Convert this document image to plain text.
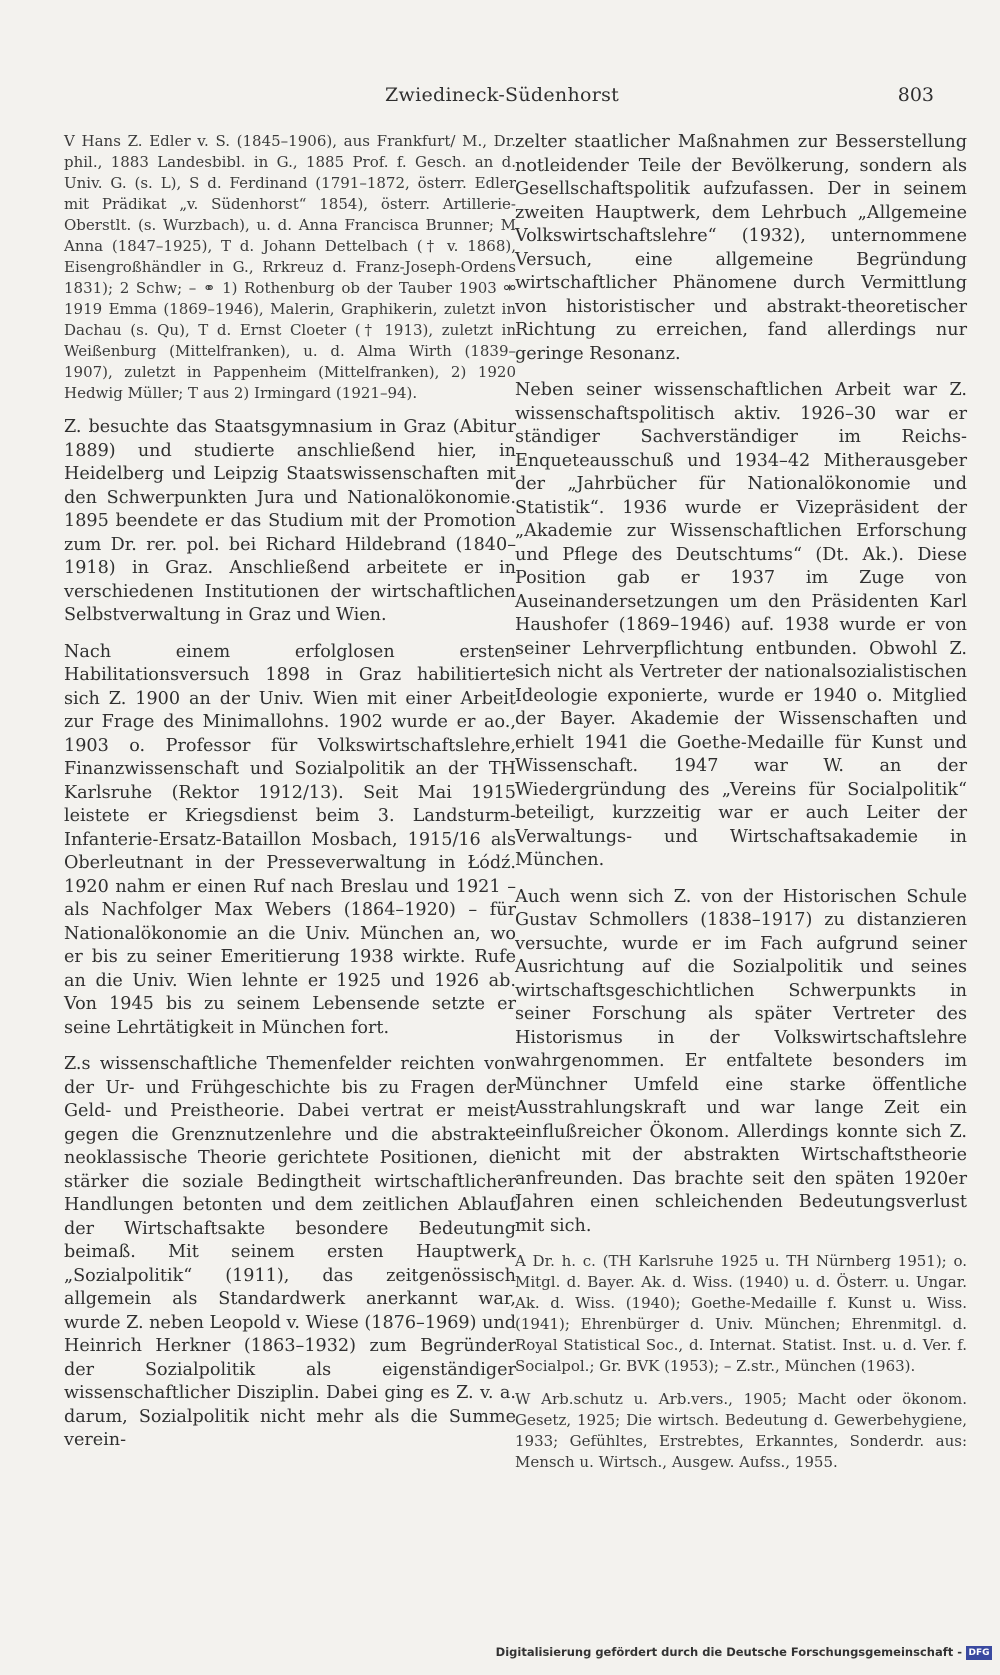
Zwiedineck-Südenhorst	803

V Hans Z. Edler v. S. (1845–1906), aus Frankfurt/ M., Dr. phil., 1883 Landesbibl. in G., 1885 Prof. f. Gesch. an d. Univ. G. (s. L), S d. Ferdinand (1791–1872, österr. Edler mit Prädikat „v. Südenhorst“ 1854), österr. Artillerie-Oberstlt. (s. Wurzbach), u. d. Anna Francisca Brunner; M Anna (1847–1925), T d. Johann Dettelbach († v. 1868), Eisengroßhändler in G., Rrkreuz d. Franz-Joseph-Ordens 1831); 2 Schw; – ⚭ 1) Rothenburg ob der Tauber 1903 ⚮ 1919 Emma (1869–1946), Malerin, Graphikerin, zuletzt in Dachau (s. Qu), T d. Ernst Cloeter († 1913), zuletzt in Weißenburg (Mittelfranken), u. d. Alma Wirth (1839–1907), zuletzt in Pappenheim (Mittelfranken), 2) 1920 Hedwig Müller; T aus 2) Irmingard (1921–94).

Z. besuchte das Staatsgymnasium in Graz (Abitur 1889) und studierte anschließend hier, in Heidelberg und Leipzig Staatswissenschaften mit den Schwerpunkten Jura und Nationalökonomie. 1895 beendete er das Studium mit der Promotion zum Dr. rer. pol. bei Richard Hildebrand (1840–1918) in Graz. Anschließend arbeitete er in verschiedenen Institutionen der wirtschaftlichen Selbstverwaltung in Graz und Wien.

Nach einem erfolglosen ersten Habilitationsversuch 1898 in Graz habilitierte sich Z. 1900 an der Univ. Wien mit einer Arbeit zur Frage des Minimallohns. 1902 wurde er ao., 1903 o. Professor für Volkswirtschaftslehre, Finanzwissenschaft und Sozialpolitik an der TH Karlsruhe (Rektor 1912/13). Seit Mai 1915 leistete er Kriegsdienst beim 3. Landsturm-Infanterie-Ersatz-Bataillon Mosbach, 1915/16 als Oberleutnant in der Presseverwaltung in Łódź. 1920 nahm er einen Ruf nach Breslau und 1921 – als Nachfolger Max Webers (1864–1920) – für Nationalökonomie an die Univ. München an, wo er bis zu seiner Emeritierung 1938 wirkte. Rufe an die Univ. Wien lehnte er 1925 und 1926 ab. Von 1945 bis zu seinem Lebensende setzte er seine Lehrtätigkeit in München fort.

Z.s wissenschaftliche Themenfelder reichten von der Ur- und Frühgeschichte bis zu Fragen der Geld- und Preistheorie. Dabei vertrat er meist gegen die Grenznutzenlehre und die abstrakte neoklassische Theorie gerichtete Positionen, die stärker die soziale Bedingtheit wirtschaftlicher Handlungen betonten und dem zeitlichen Ablauf der Wirtschaftsakte besondere Bedeutung beimaß. Mit seinem ersten Hauptwerk „Sozialpolitik“ (1911), das zeitgenössisch allgemein als Standardwerk anerkannt war, wurde Z. neben Leopold v. Wiese (1876–1969) und Heinrich Herkner (1863–1932) zum Begründer der Sozialpolitik als eigenständiger wissenschaftlicher Disziplin. Dabei ging es Z. v. a. darum, Sozialpolitik nicht mehr als die Summe verein-

zelter staatlicher Maßnahmen zur Besserstellung notleidender Teile der Bevölkerung, sondern als Gesellschaftspolitik aufzufassen. Der in seinem zweiten Hauptwerk, dem Lehrbuch „Allgemeine Volkswirtschaftslehre“ (1932), unternommene Versuch, eine allgemeine Begründung wirtschaftlicher Phänomene durch Vermittlung von historistischer und abstrakt-theoretischer Richtung zu erreichen, fand allerdings nur geringe Resonanz.

Neben seiner wissenschaftlichen Arbeit war Z. wissenschaftspolitisch aktiv. 1926–30 war er ständiger Sachverständiger im Reichs-Enqueteausschuß und 1934–42 Mitherausgeber der „Jahrbücher für Nationalökonomie und Statistik“. 1936 wurde er Vizepräsident der „Akademie zur Wissenschaftlichen Erforschung und Pflege des Deutschtums“ (Dt. Ak.). Diese Position gab er 1937 im Zuge von Auseinandersetzungen um den Präsidenten Karl Haushofer (1869–1946) auf. 1938 wurde er von seiner Lehrverpflichtung entbunden. Obwohl Z. sich nicht als Vertreter der nationalsozialistischen Ideologie exponierte, wurde er 1940 o. Mitglied der Bayer. Akademie der Wissenschaften und erhielt 1941 die Goethe-Medaille für Kunst und Wissenschaft. 1947 war W. an der Wiedergründung des „Vereins für Socialpolitik“ beteiligt, kurzzeitig war er auch Leiter der Verwaltungs- und Wirtschaftsakademie in München.

Auch wenn sich Z. von der Historischen Schule Gustav Schmollers (1838–1917) zu distanzieren versuchte, wurde er im Fach aufgrund seiner Ausrichtung auf die Sozialpolitik und seines wirtschaftsgeschichtlichen Schwerpunkts in seiner Forschung als später Vertreter des Historismus in der Volkswirtschaftslehre wahrgenommen. Er entfaltete besonders im Münchner Umfeld eine starke öffentliche Ausstrahlungskraft und war lange Zeit ein einflußreicher Ökonom. Allerdings konnte sich Z. nicht mit der abstrakten Wirtschaftstheorie anfreunden. Das brachte seit den späten 1920er Jahren einen schleichenden Bedeutungsverlust mit sich.

A Dr. h. c. (TH Karlsruhe 1925 u. TH Nürnberg 1951); o. Mitgl. d. Bayer. Ak. d. Wiss. (1940) u. d. Österr. u. Ungar. Ak. d. Wiss. (1940); Goethe-Medaille f. Kunst u. Wiss. (1941); Ehrenbürger d. Univ. München; Ehrenmitgl. d. Royal Statistical Soc., d. Internat. Statist. Inst. u. d. Ver. f. Socialpol.; Gr. BVK (1953); – Z.str., München (1963).

W Arb.schutz u. Arb.vers., 1905; Macht oder ökonom. Gesetz, 1925; Die wirtsch. Bedeutung d. Gewerbehygiene, 1933; Gefühltes, Erstrebtes, Erkanntes, Sonderdr. aus: Mensch u. Wirtsch., Ausgew. Aufss., 1955.

Digitalisierung gefördert durch die Deutsche Forschungsgemeinschaft - DFG
